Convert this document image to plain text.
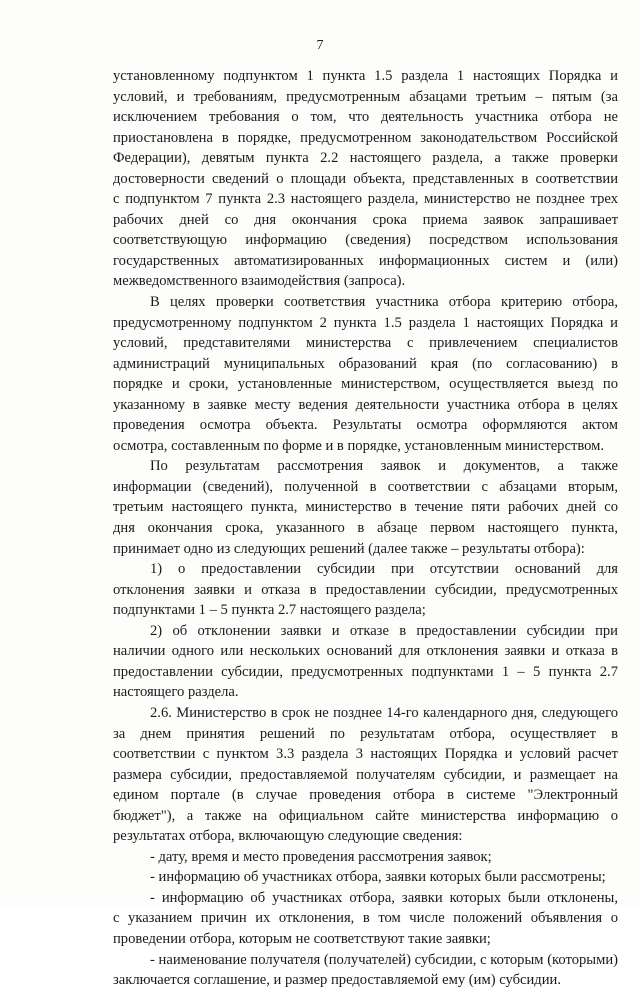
7
установленному подпунктом 1 пункта 1.5 раздела 1 настоящих Порядка и
условий, и требованиям, предусмотренным абзацами третьим – пятым (за
исключением требования о том, что деятельность участника отбора не
приостановлена в порядке, предусмотренном законодательством Российской
Федерации), девятым пункта 2.2 настоящего раздела, а также проверки
достоверности сведений о площади объекта, представленных в соответствии
с подпунктом 7 пункта 2.3 настоящего раздела, министерство не позднее трех
рабочих дней со дня окончания срока приема заявок запрашивает
соответствующую информацию (сведения) посредством использования
государственных автоматизированных информационных систем и (или)
межведомственного взаимодействия (запроса).
В целях проверки соответствия участника отбора критерию отбора,
предусмотренному подпунктом 2 пункта 1.5 раздела 1 настоящих Порядка и
условий, представителями министерства с привлечением специалистов
администраций муниципальных образований края (по согласованию) в
порядке и сроки, установленные министерством, осуществляется выезд по
указанному в заявке месту ведения деятельности участника отбора в целях
проведения осмотра объекта. Результаты осмотра оформляются актом
осмотра, составленным по форме и в порядке, установленным министерством.
По результатам рассмотрения заявок и документов, а также
информации (сведений), полученной в соответствии с абзацами вторым,
третьим настоящего пункта, министерство в течение пяти рабочих дней со
дня окончания срока, указанного в абзаце первом настоящего пункта,
принимает одно из следующих решений (далее также – результаты отбора):
1) о предоставлении субсидии при отсутствии оснований для
отклонения заявки и отказа в предоставлении субсидии, предусмотренных
подпунктами 1 – 5 пункта 2.7 настоящего раздела;
2) об отклонении заявки и отказе в предоставлении субсидии при
наличии одного или нескольких оснований для отклонения заявки и отказа в
предоставлении субсидии, предусмотренных подпунктами 1 – 5 пункта 2.7
настоящего раздела.
2.6. Министерство в срок не позднее 14-го календарного дня, следующего
за днем принятия решений по результатам отбора, осуществляет в
соответствии с пунктом 3.3 раздела 3 настоящих Порядка и условий расчет
размера субсидии, предоставляемой получателям субсидии, и размещает на
едином портале (в случае проведения отбора в системе "Электронный
бюджет"), а также на официальном сайте министерства информацию о
результатах отбора, включающую следующие сведения:
- дату, время и место проведения рассмотрения заявок;
- информацию об участниках отбора, заявки которых были рассмотрены;
- информацию об участниках отбора, заявки которых были отклонены,
с указанием причин их отклонения, в том числе положений объявления о
проведении отбора, которым не соответствуют такие заявки;
- наименование получателя (получателей) субсидии, с которым (которыми)
заключается соглашение, и размер предоставляемой ему (им) субсидии.
